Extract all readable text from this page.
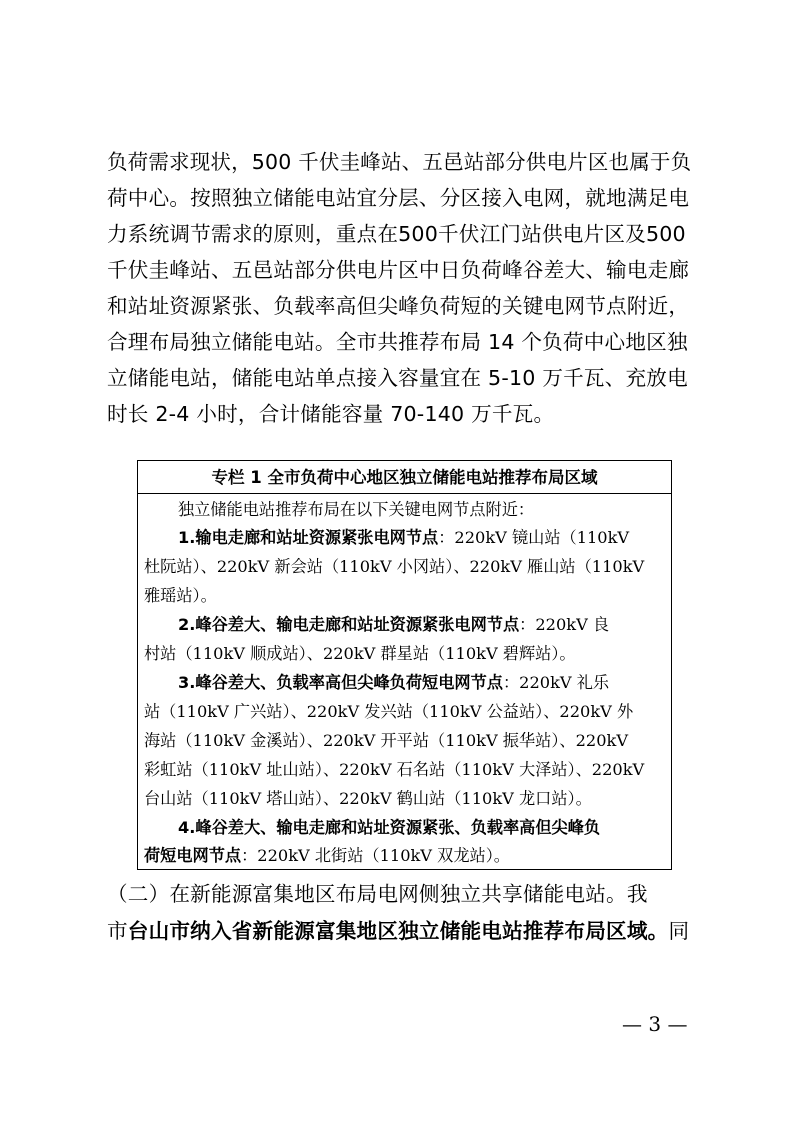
负荷需求现状，500 千伏圭峰站、五邑站部分供电片区也属于负
荷中心。按照独立储能电站宜分层、分区接入电网，就地满足电
力系统调节需求的原则，重点在500千伏江门站供电片区及500
千伏圭峰站、五邑站部分供电片区中日负荷峰谷差大、输电走廊
和站址资源紧张、负载率高但尖峰负荷短的关键电网节点附近，
合理布局独立储能电站。全市共推荐布局 14 个负荷中心地区独
立储能电站，储能电站单点接入容量宜在 5-10 万千瓦、充放电
时长 2-4 小时，合计储能容量 70-140 万千瓦。
专栏 1 全市负荷中心地区独立储能电站推荐布局区域
独立储能电站推荐布局在以下关键电网节点附近：
1.输电走廊和站址资源紧张电网节点：220kV 镜山站（110kV
杜阮站）、220kV 新会站（110kV 小冈站）、220kV 雁山站（110kV
雅瑶站）。
2.峰谷差大、输电走廊和站址资源紧张电网节点：220kV 良
村站（110kV 顺成站）、220kV 群星站（110kV 碧辉站）。
3.峰谷差大、负载率高但尖峰负荷短电网节点：220kV 礼乐
站（110kV 广兴站）、220kV 发兴站（110kV 公益站）、220kV 外
海站（110kV 金溪站）、220kV 开平站（110kV 振华站）、220kV
彩虹站（110kV 址山站）、220kV 石名站（110kV 大泽站）、220kV
台山站（110kV 塔山站）、220kV 鹤山站（110kV 龙口站）。
4.峰谷差大、输电走廊和站址资源紧张、负载率高但尖峰负
荷短电网节点：220kV 北街站（110kV 双龙站）。
（二）在新能源富集地区布局电网侧独立共享储能电站。我
市台山市纳入省新能源富集地区独立储能电站推荐布局区域。同
— 3 —
